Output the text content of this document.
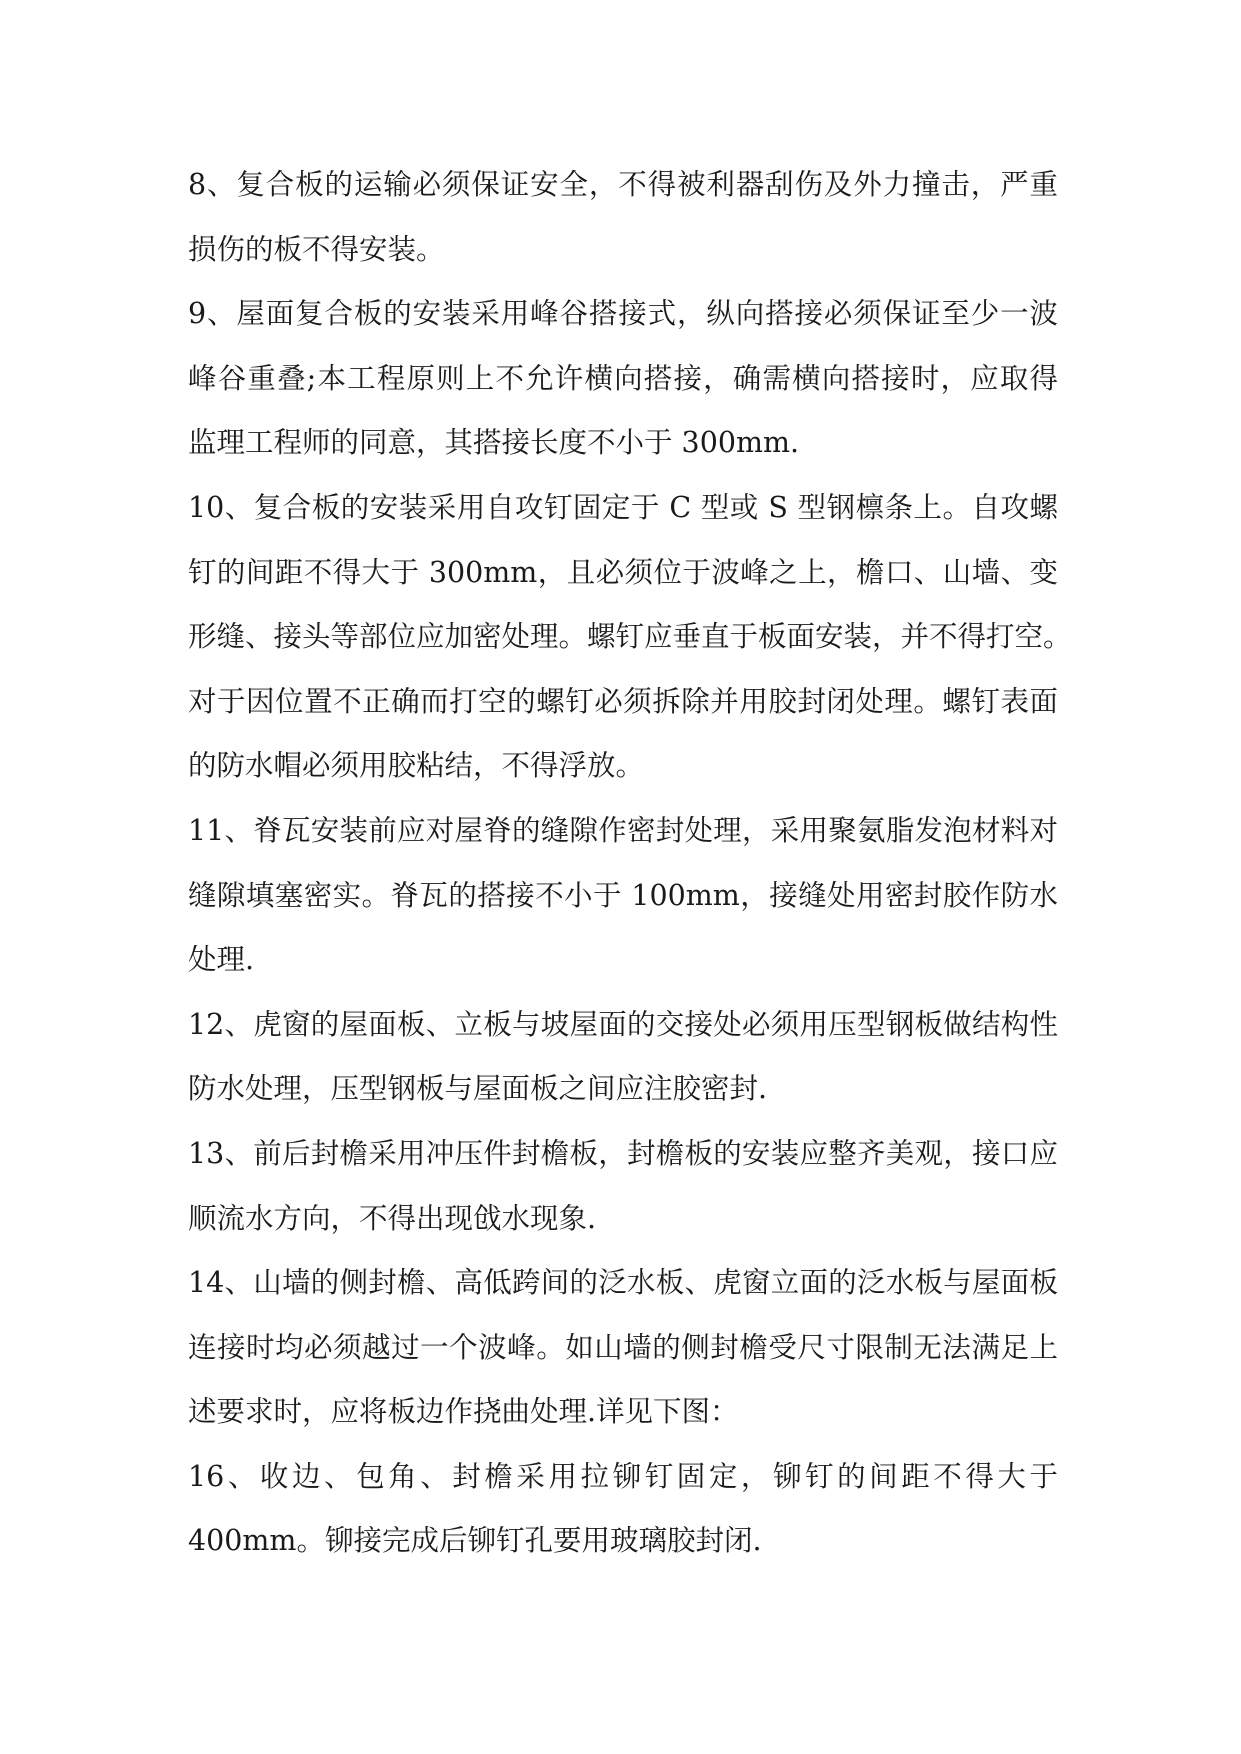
8、复合板的运输必须保证安全，不得被利器刮伤及外力撞击，严重
损伤的板不得安装。

9、屋面复合板的安装采用峰谷搭接式，纵向搭接必须保证至少一波
峰谷重叠;本工程原则上不允许横向搭接，确需横向搭接时，应取得
监理工程师的同意，其搭接长度不小于 300mm.

10、复合板的安装采用自攻钉固定于 C 型或 S 型钢檩条上。自攻螺
钉的间距不得大于 300mm，且必须位于波峰之上，檐口、山墙、变
形缝、接头等部位应加密处理。螺钉应垂直于板面安装，并不得打空。
对于因位置不正确而打空的螺钉必须拆除并用胶封闭处理。螺钉表面
的防水帽必须用胶粘结，不得浮放。

11、脊瓦安装前应对屋脊的缝隙作密封处理，采用聚氨脂发泡材料对
缝隙填塞密实。脊瓦的搭接不小于 100mm，接缝处用密封胶作防水
处理.

12、虎窗的屋面板、立板与坡屋面的交接处必须用压型钢板做结构性
防水处理，压型钢板与屋面板之间应注胶密封.

13、前后封檐采用冲压件封檐板，封檐板的安装应整齐美观，接口应
顺流水方向，不得出现戗水现象.

14、山墙的侧封檐、高低跨间的泛水板、虎窗立面的泛水板与屋面板
连接时均必须越过一个波峰。如山墙的侧封檐受尺寸限制无法满足上
述要求时，应将板边作挠曲处理.详见下图：

16、收边、包角、封檐采用拉铆钉固定，铆钉的间距不得大于
400mm。铆接完成后铆钉孔要用玻璃胶封闭.
